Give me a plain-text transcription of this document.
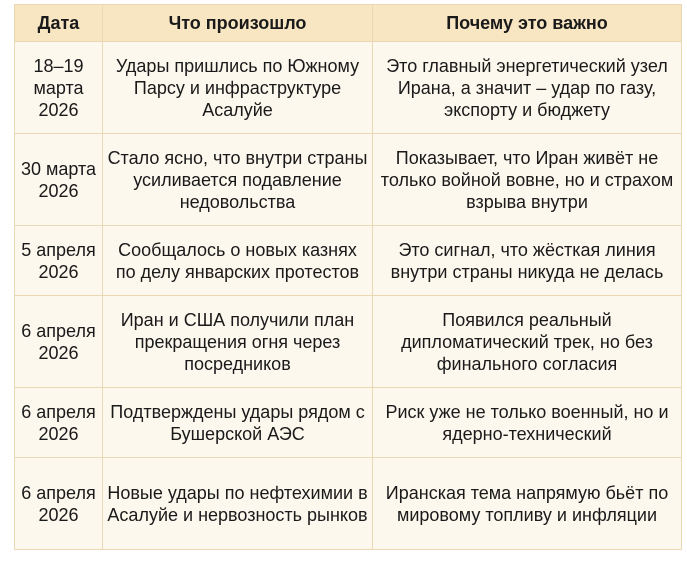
Дата	Что произошло	Почему это важно
18–19 марта 2026	Удары пришлись по Южному Парсу и инфраструктуре Асалуйе	Это главный энергетический узел Ирана, а значит – удар по газу, экспорту и бюджету
30 марта 2026	Стало ясно, что внутри страны усиливается подавление недовольства	Показывает, что Иран живёт не только войной вовне, но и страхом взрыва внутри
5 апреля 2026	Сообщалось о новых казнях по делу январских протестов	Это сигнал, что жёсткая линия внутри страны никуда не делась
6 апреля 2026	Иран и США получили план прекращения огня через посредников	Появился реальный дипломатический трек, но без финального согласия
6 апреля 2026	Подтверждены удары рядом с Бушерской АЭС	Риск уже не только военный, но и ядерно-технический
6 апреля 2026	Новые удары по нефтехимии в Асалуйе и нервозность рынков	Иранская тема напрямую бьёт по мировому топливу и инфляции
